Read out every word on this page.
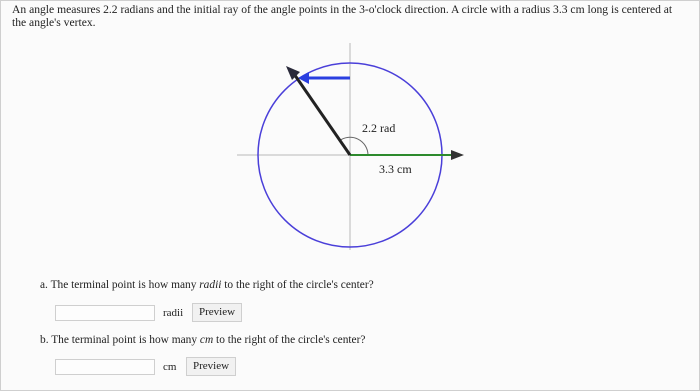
An angle measures 2.2 radians and the initial ray of the angle points in the 3-o'clock direction. A circle with a radius 3.3 cm long is centered at
the angle's vertex.
2.2 rad
3.3 cm
a. The terminal point is how many radii to the right of the circle's center?
radii	Preview
b. The terminal point is how many cm to the right of the circle's center?
cm	Preview
